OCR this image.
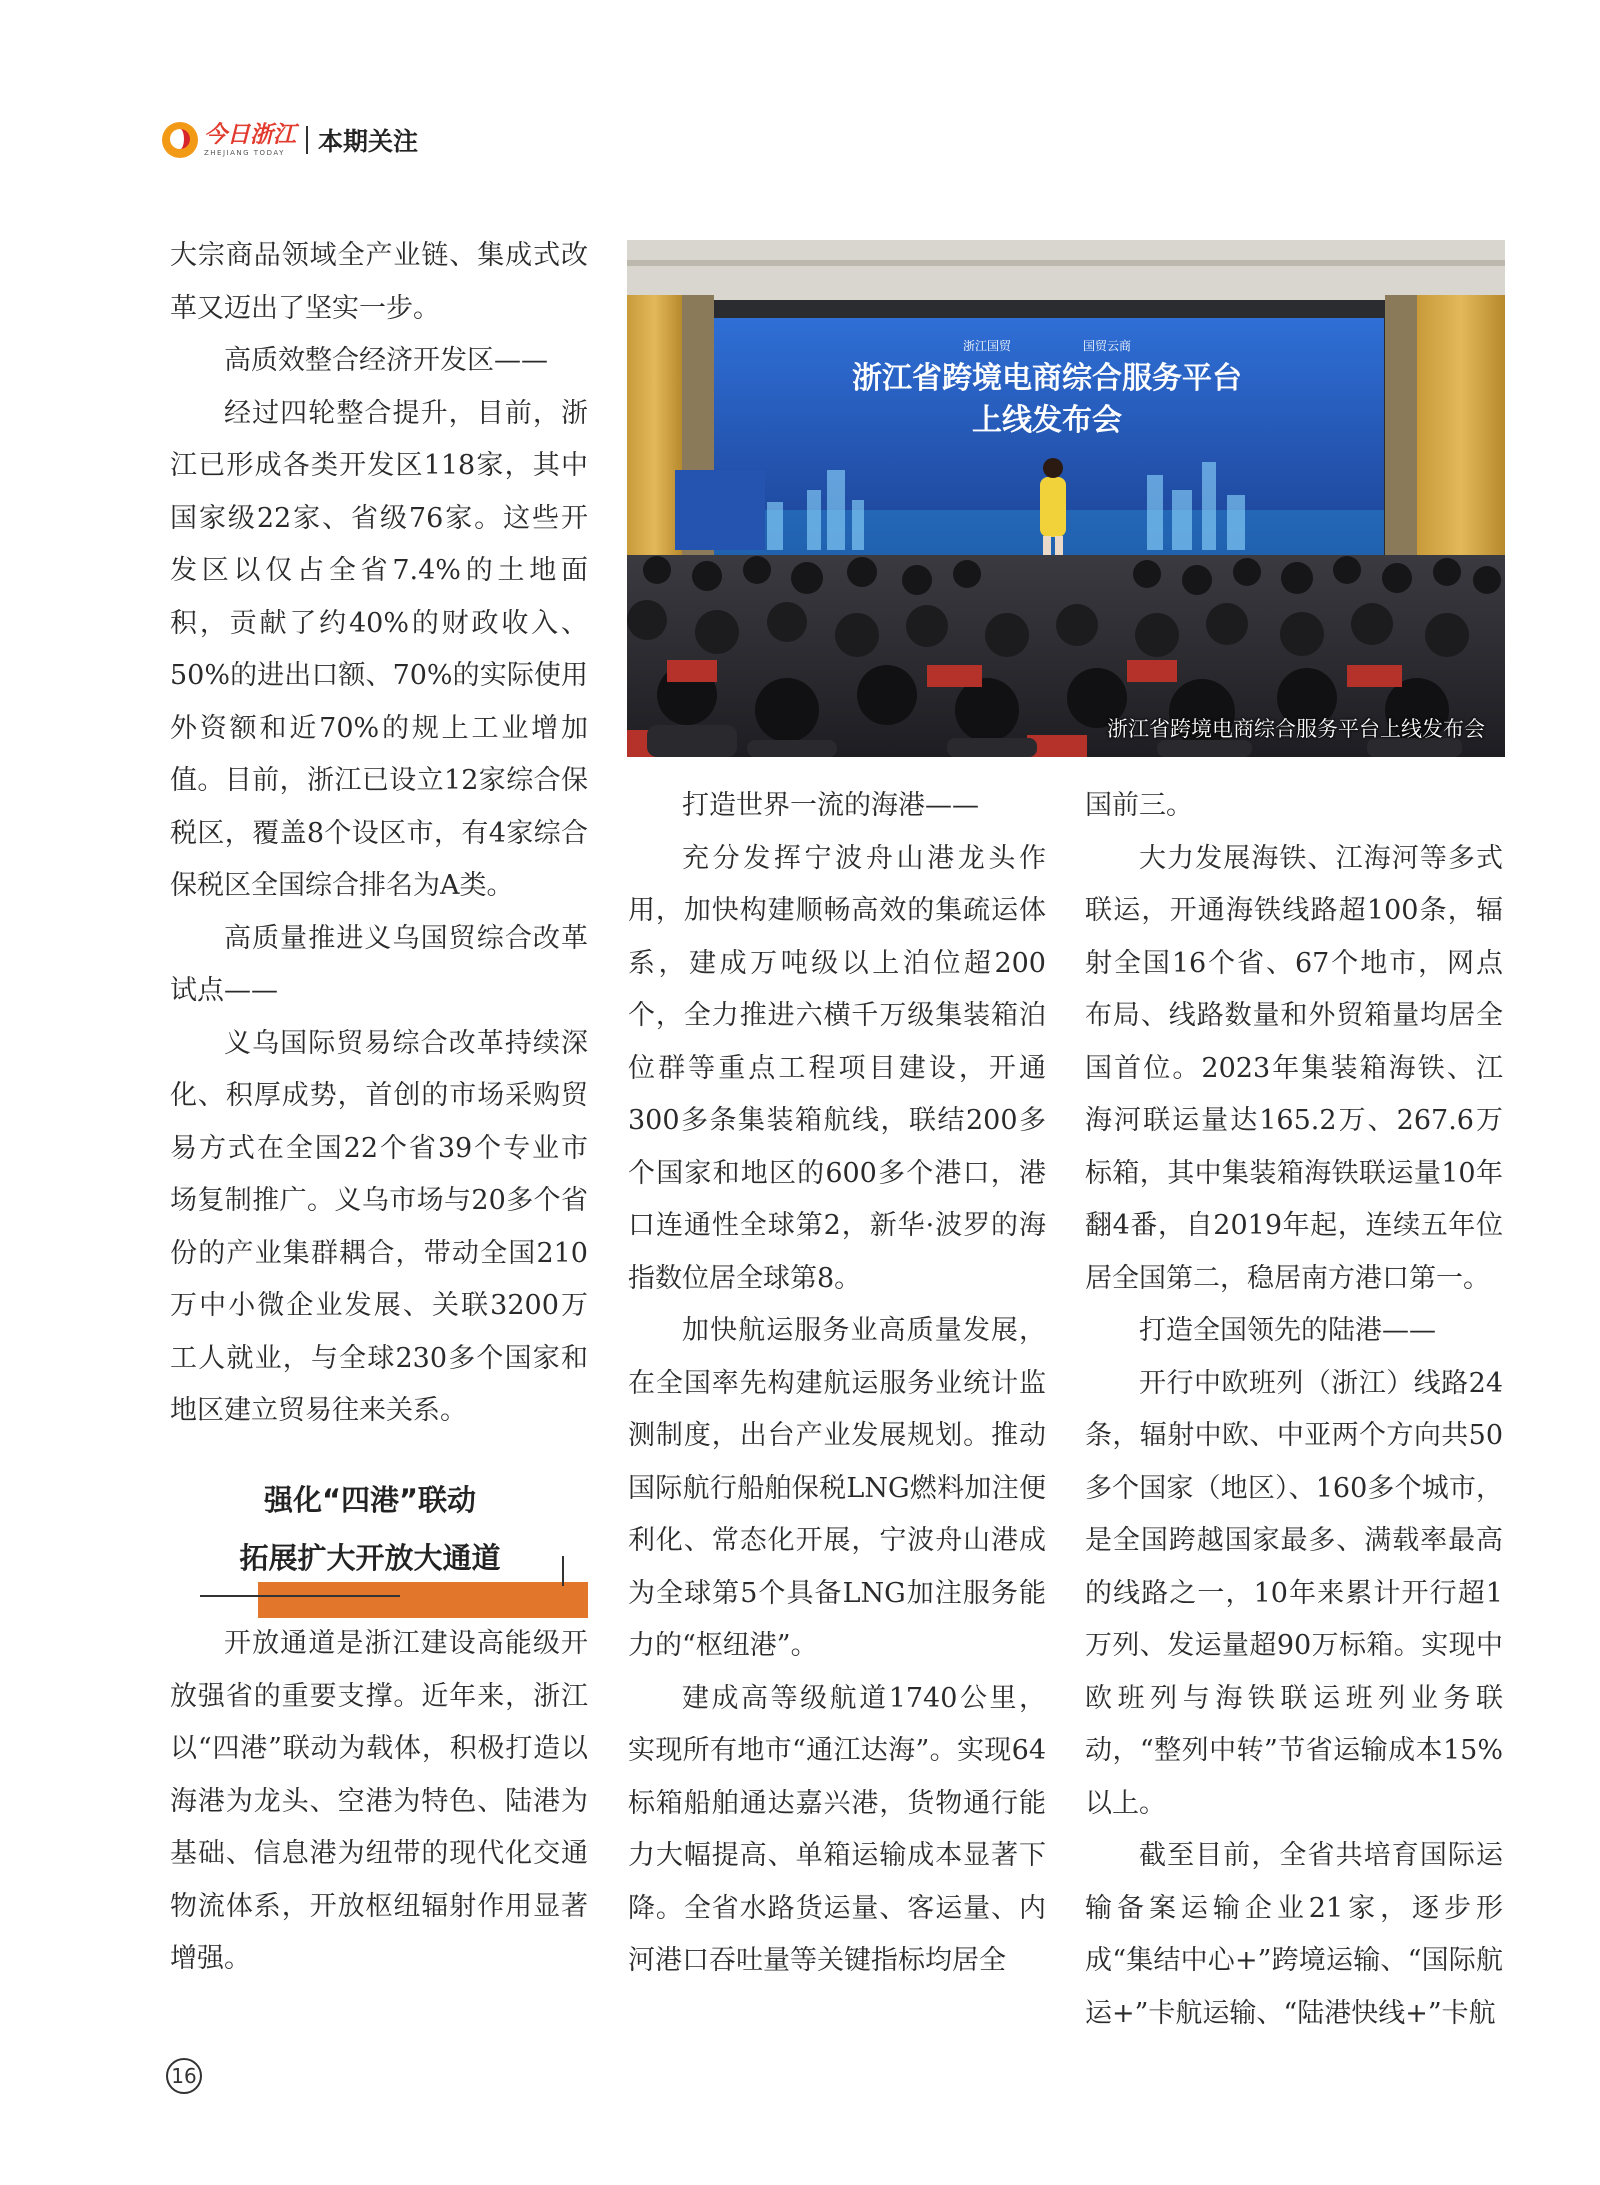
今日浙江
ZHEJIANG TODAY	本期关注

大宗商品领域全产业链、集成式改革又迈出了坚实一步。

高质效整合经济开发区——

经过四轮整合提升，目前，浙江已形成各类开发区118家，其中国家级22家、省级76家。这些开发区以仅占全省7.4%的土地面积，贡献了约40%的财政收入、50%的进出口额、70%的实际使用外资额和近70%的规上工业增加值。目前，浙江已设立12家综合保税区，覆盖8个设区市，有4家综合保税区全国综合排名为A类。

高质量推进义乌国贸综合改革试点——

义乌国际贸易综合改革持续深化、积厚成势，首创的市场采购贸易方式在全国22个省39个专业市场复制推广。义乌市场与20多个省份的产业集群耦合，带动全国210万中小微企业发展、关联3200万工人就业，与全球230多个国家和地区建立贸易往来关系。

强化“四港”联动
拓展扩大开放大通道

开放通道是浙江建设高能级开放强省的重要支撑。近年来，浙江以“四港”联动为载体，积极打造以海港为龙头、空港为特色、陆港为基础、信息港为纽带的现代化交通物流体系，开放枢纽辐射作用显著增强。

浙江省跨境电商综合服务平台
上线发布会
浙江国贸	国贸云商
浙江省跨境电商综合服务平台上线发布会

打造世界一流的海港——

充分发挥宁波舟山港龙头作用，加快构建顺畅高效的集疏运体系，建成万吨级以上泊位超200个，全力推进六横千万级集装箱泊位群等重点工程项目建设，开通300多条集装箱航线，联结200多个国家和地区的600多个港口，港口连通性全球第2，新华·波罗的海指数位居全球第8。

加快航运服务业高质量发展，在全国率先构建航运服务业统计监测制度，出台产业发展规划。推动国际航行船舶保税LNG燃料加注便利化、常态化开展，宁波舟山港成为全球第5个具备LNG加注服务能力的“枢纽港”。

建成高等级航道1740公里，实现所有地市“通江达海”。实现64标箱船舶通达嘉兴港，货物通行能力大幅提高、单箱运输成本显著下降。全省水路货运量、客运量、内河港口吞吐量等关键指标均居全

国前三。

大力发展海铁、江海河等多式联运，开通海铁线路超100条，辐射全国16个省、67个地市，网点布局、线路数量和外贸箱量均居全国首位。2023年集装箱海铁、江海河联运量达165.2万、267.6万标箱，其中集装箱海铁联运量10年翻4番，自2019年起，连续五年位居全国第二，稳居南方港口第一。

打造全国领先的陆港——

开行中欧班列（浙江）线路24条，辐射中欧、中亚两个方向共50多个国家（地区）、160多个城市，是全国跨越国家最多、满载率最高的线路之一，10年来累计开行超1万列、发运量超90万标箱。实现中欧班列与海铁联运班列业务联动，“整列中转”节省运输成本15%以上。

截至目前，全省共培育国际运输备案运输企业21家，逐步形成“集结中心+”跨境运输、“国际航运+”卡航运输、“陆港快线+”卡航

16
